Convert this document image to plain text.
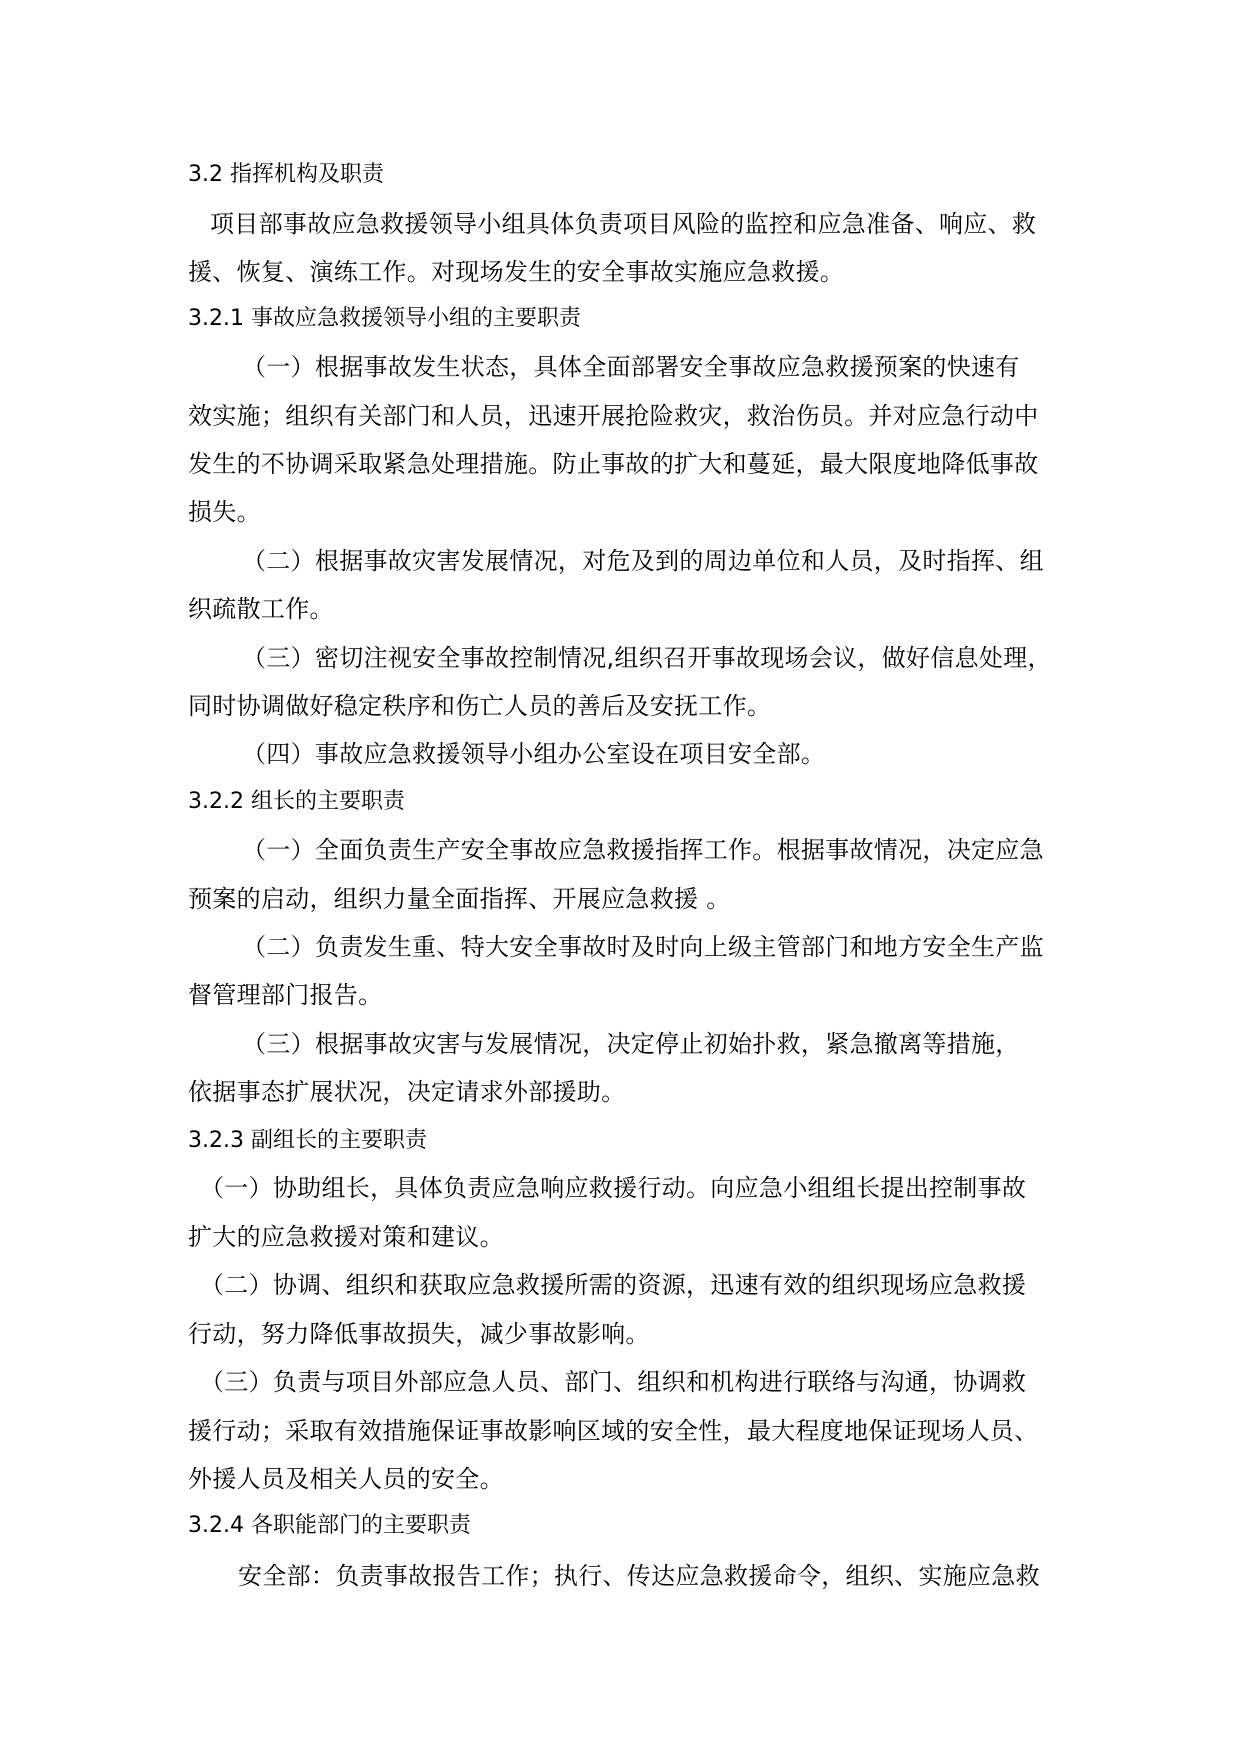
3.2 指挥机构及职责

项目部事故应急救援领导小组具体负责项目风险的监控和应急准备、响应、救

援、恢复、演练工作。对现场发生的安全事故实施应急救援。

3.2.1 事故应急救援领导小组的主要职责

（一）根据事故发生状态，具体全面部署安全事故应急救援预案的快速有

效实施；组织有关部门和人员，迅速开展抢险救灾，救治伤员。并对应急行动中

发生的不协调采取紧急处理措施。防止事故的扩大和蔓延，最大限度地降低事故

损失。

（二）根据事故灾害发展情况，对危及到的周边单位和人员，及时指挥、组

织疏散工作。

（三）密切注视安全事故控制情况,组织召开事故现场会议，做好信息处理，

同时协调做好稳定秩序和伤亡人员的善后及安抚工作。

（四）事故应急救援领导小组办公室设在项目安全部。

3.2.2 组长的主要职责

（一）全面负责生产安全事故应急救援指挥工作。根据事故情况，决定应急

预案的启动，组织力量全面指挥、开展应急救援 。

（二）负责发生重、特大安全事故时及时向上级主管部门和地方安全生产监

督管理部门报告。

（三）根据事故灾害与发展情况，决定停止初始扑救，紧急撤离等措施，

依据事态扩展状况，决定请求外部援助。

3.2.3 副组长的主要职责

（一）协助组长，具体负责应急响应救援行动。向应急小组组长提出控制事故

扩大的应急救援对策和建议。

（二）协调、组织和获取应急救援所需的资源，迅速有效的组织现场应急救援

行动，努力降低事故损失，减少事故影响。

（三）负责与项目外部应急人员、部门、组织和机构进行联络与沟通，协调救

援行动；采取有效措施保证事故影响区域的安全性，最大程度地保证现场人员、

外援人员及相关人员的安全。

3.2.4 各职能部门的主要职责

安全部：负责事故报告工作；执行、传达应急救援命令，组织、实施应急救
